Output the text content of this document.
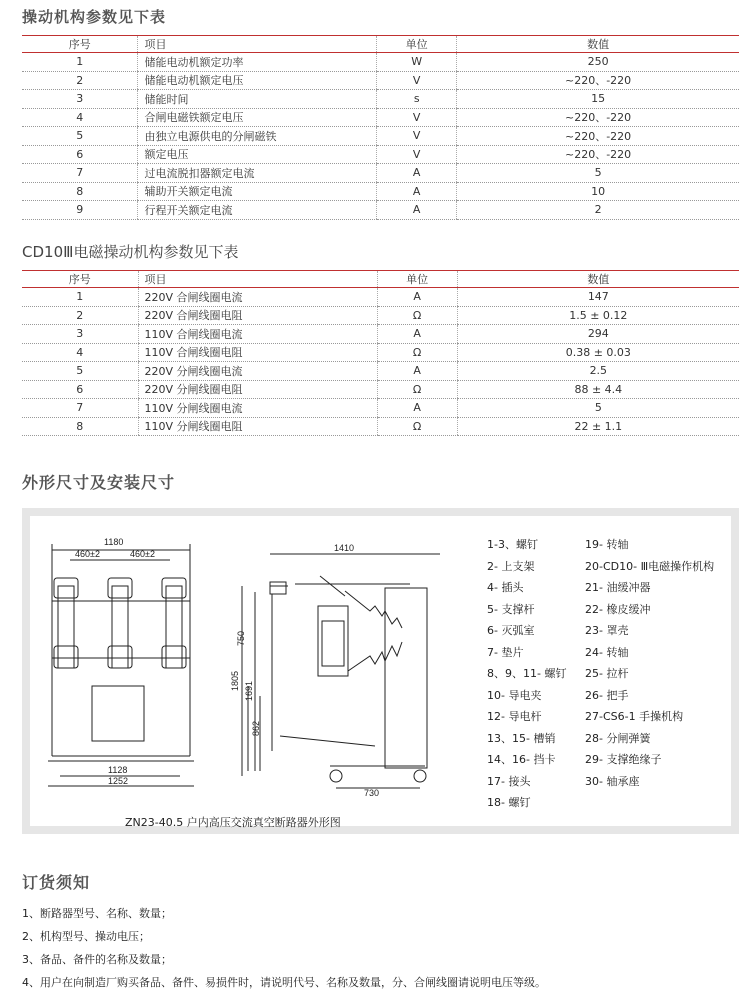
操动机构参数见下表
序号	项目	单位	数值
1	储能电动机额定功率	W	250
2	储能电动机额定电压	V	~220、-220
3	储能时间	s	15
4	合闸电磁铁额定电压	V	~220、-220
5	由独立电源供电的分闸磁铁	V	~220、-220
6	额定电压	V	~220、-220
7	过电流脱扣器额定电流	A	5
8	辅助开关额定电流	A	10
9	行程开关额定电流	A	2
CD10Ⅲ电磁操动机构参数见下表
序号	项目	单位	数值
1	220V 合闸线圈电流	A	147
2	220V 合闸线圈电阻	Ω	1.5 ± 0.12
3	110V 合闸线圈电流	A	294
4	110V 合闸线圈电阻	Ω	0.38 ± 0.03
5	220V 分闸线圈电流	A	2.5
6	220V 分闸线圈电阻	Ω	88 ± 4.4
7	110V 分闸线圈电流	A	5
8	110V 分闸线圈电阻	Ω	22 ± 1.1
外形尺寸及安装尺寸
1180
460±2	460±2
1128
1252
1410
750
1805 1691
862
730
ZN23-40.5 户内高压交流真空断路器外形图
1-3、螺钉
2- 上支架
4- 插头
5- 支撑杆
6- 灭弧室
7- 垫片
8、9、11- 螺钉
10- 导电夹
12- 导电杆
13、15- 槽销
14、16- 挡卡
17- 接头
18- 螺钉
19- 转轴
20-CD10- Ⅲ电磁操作机构
21- 油缓冲器
22- 橡皮缓冲
23- 罩壳
24- 转轴
25- 拉杆
26- 把手
27-CS6-1 手操机构
28- 分闸弹簧
29- 支撑绝缘子
30- 轴承座
订货须知
1、断路器型号、名称、数量；
2、机构型号、操动电压；
3、备品、备件的名称及数量；
4、用户在向制造厂购买备品、备件、易损件时，请说明代号、名称及数量，分、合闸线圈请说明电压等级。
